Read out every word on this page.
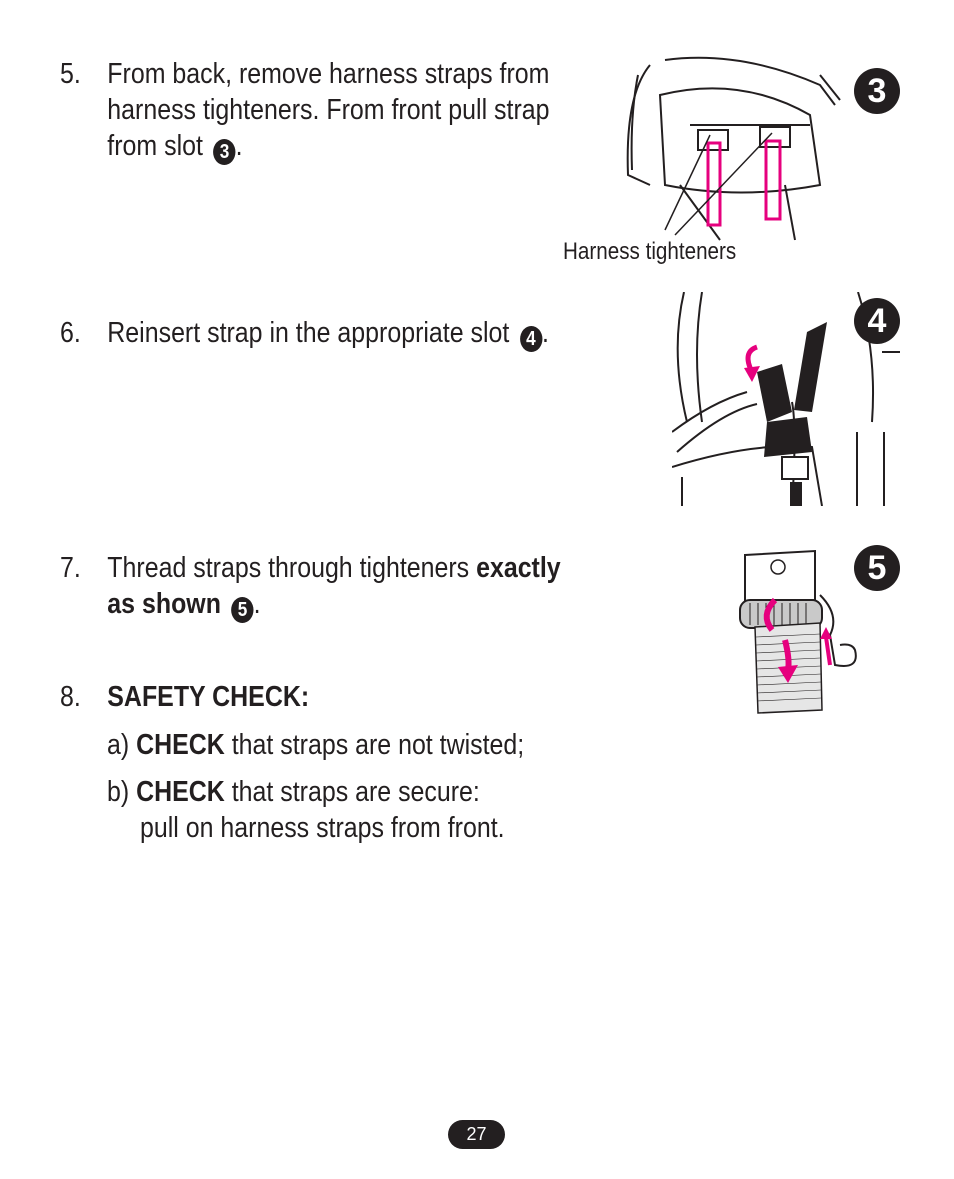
5. From back, remove harness straps from
harness tighteners. From front pull strap
from slot 3 .
6. Reinsert strap in the appropriate slot 4 .
7. Thread straps through tighteners exactly
as shown 5 .
8. SAFETY CHECK:
a) CHECK that straps are not twisted;
b) CHECK that straps are secure:
pull on harness straps from front.
3
Harness tighteners
4
5
27
